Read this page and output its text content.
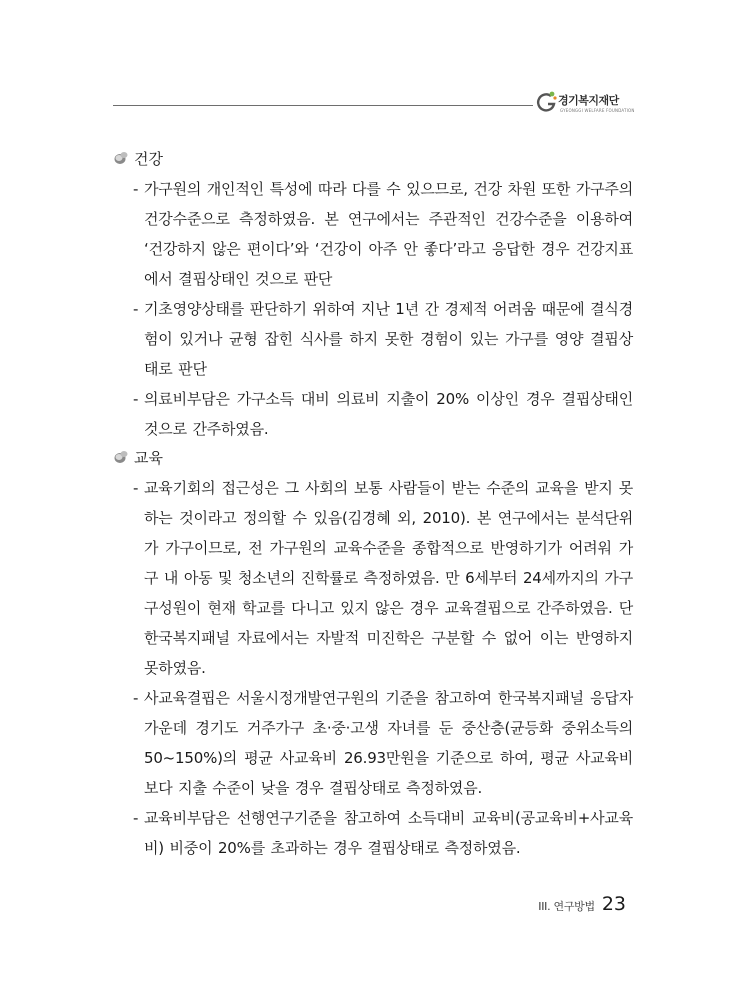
경기복지재단
GYEONGGI WELFARE FOUNDATION
건강
- 가구원의 개인적인 특성에 따라 다를 수 있으므로, 건강 차원 또한 가구주의 건강수준으로 측정하였음. 본 연구에서는 주관적인 건강수준을 이용하여 ‘건강하지 않은 편이다’와 ‘건강이 아주 안 좋다’라고 응답한 경우 건강지표에서 결핍상태인 것으로 판단
- 기초영양상태를 판단하기 위하여 지난 1년 간 경제적 어려움 때문에 결식경험이 있거나 균형 잡힌 식사를 하지 못한 경험이 있는 가구를 영양 결핍상태로 판단
- 의료비부담은 가구소득 대비 의료비 지출이 20% 이상인 경우 결핍상태인 것으로 간주하였음.
교육
- 교육기회의 접근성은 그 사회의 보통 사람들이 받는 수준의 교육을 받지 못하는 것이라고 정의할 수 있음(김경혜 외, 2010). 본 연구에서는 분석단위가 가구이므로, 전 가구원의 교육수준을 종합적으로 반영하기가 어려워 가구 내 아동 및 청소년의 진학률로 측정하였음. 만 6세부터 24세까지의 가구구성원이 현재 학교를 다니고 있지 않은 경우 교육결핍으로 간주하였음. 단 한국복지패널 자료에서는 자발적 미진학은 구분할 수 없어 이는 반영하지 못하였음.
- 사교육결핍은 서울시정개발연구원의 기준을 참고하여 한국복지패널 응답자 가운데 경기도 거주가구 초·중·고생 자녀를 둔 중산층(균등화 중위소득의 50~150%)의 평균 사교육비 26.93만원을 기준으로 하여, 평균 사교육비보다 지출 수준이 낮을 경우 결핍상태로 측정하였음.
- 교육비부담은 선행연구기준을 참고하여 소득대비 교육비(공교육비+사교육비) 비중이 20%를 초과하는 경우 결핍상태로 측정하였음.
III. 연구방법 23
